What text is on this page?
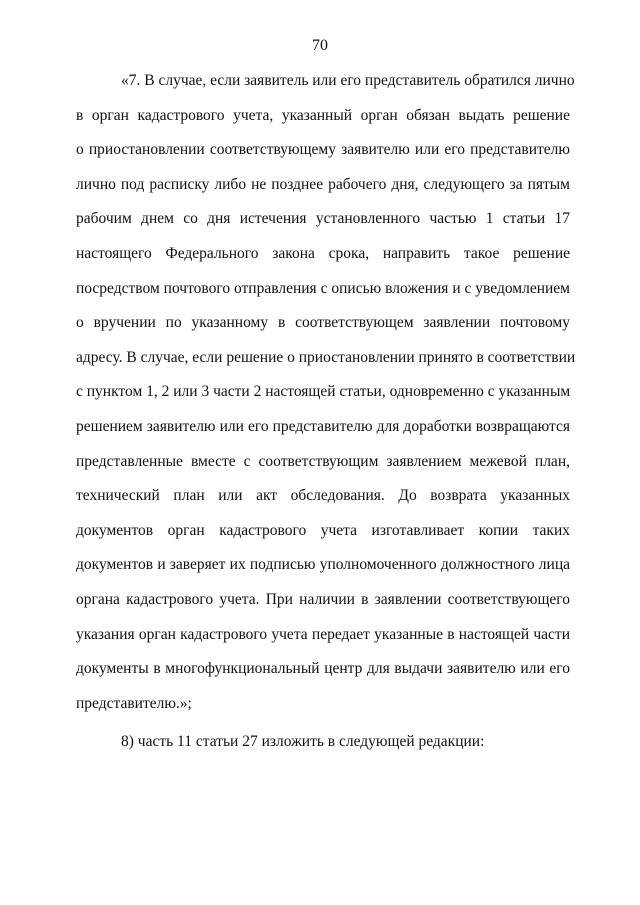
70
«7. В случае, если заявитель или его представитель обратился лично
в орган кадастрового учета, указанный орган обязан выдать решение
о приостановлении соответствующему заявителю или его представителю
лично под расписку либо не позднее рабочего дня, следующего за пятым
рабочим днем со дня истечения установленного частью 1 статьи 17
настоящего Федерального закона срока, направить такое решение
посредством почтового отправления с описью вложения и с уведомлением
о вручении по указанному в соответствующем заявлении почтовому
адресу. В случае, если решение о приостановлении принято в соответствии
с пунктом 1, 2 или 3 части 2 настоящей статьи, одновременно с указанным
решением заявителю или его представителю для доработки возвращаются
представленные вместе с соответствующим заявлением межевой план,
технический план или акт обследования. До возврата указанных
документов орган кадастрового учета изготавливает копии таких
документов и заверяет их подписью уполномоченного должностного лица
органа кадастрового учета. При наличии в заявлении соответствующего
указания орган кадастрового учета передает указанные в настоящей части
документы в многофункциональный центр для выдачи заявителю или его
представителю.»;
8) часть 11 статьи 27 изложить в следующей редакции:
